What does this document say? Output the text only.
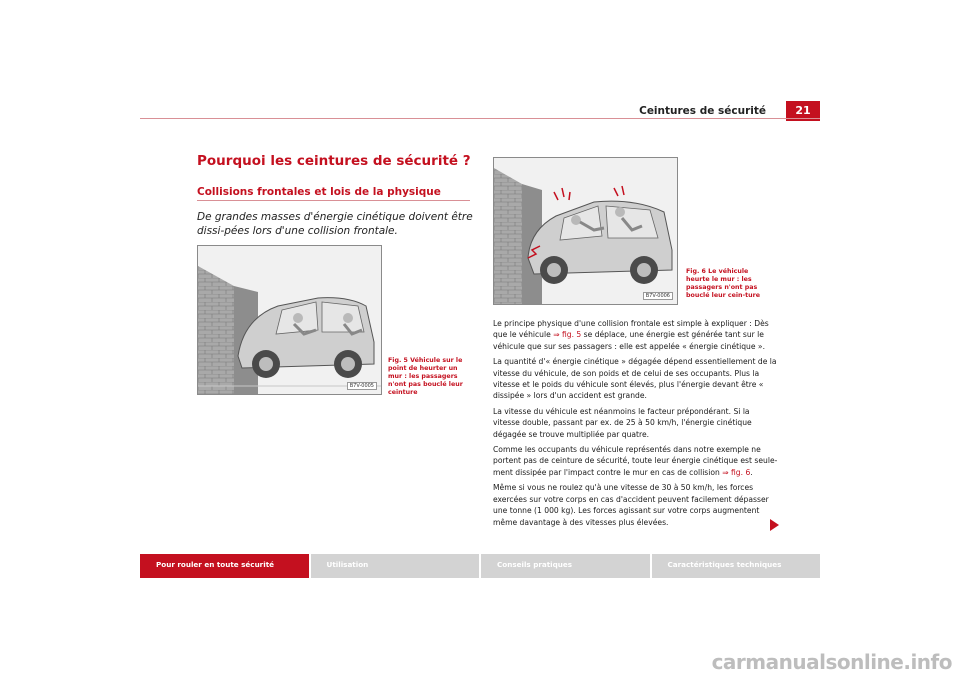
Ceintures de sécurité	21
Pourquoi les ceintures de sécurité ?
Collisions frontales et lois de la physique
De grandes masses d'énergie cinétique doivent être dissi-pées lors d'une collision frontale.
B7V-0005
Fig. 5 Véhicule sur le point de heurter un mur : les passagers n'ont pas bouclé leur ceinture
B7V-0006
Fig. 6 Le véhicule heurte le mur : les passagers n'ont pas bouclé leur cein-ture

Le principe physique d'une collision frontale est simple à expliquer : Dès que le véhicule ⇒ fig. 5 se déplace, une énergie est générée tant sur le véhicule que sur ses passagers : elle est appelée « énergie cinétique ».

La quantité d'« énergie cinétique » dégagée dépend essentiellement de la vitesse du véhicule, de son poids et de celui de ses occupants. Plus la vitesse et le poids du véhicule sont élevés, plus l'énergie devant être « dissipée » lors d'un accident est grande.

La vitesse du véhicule est néanmoins le facteur prépondérant. Si la vitesse double, passant par ex. de 25 à 50 km/h, l'énergie cinétique dégagée se trouve multipliée par quatre.

Comme les occupants du véhicule représentés dans notre exemple ne portent pas de ceinture de sécurité, toute leur énergie cinétique est seule-ment dissipée par l'impact contre le mur en cas de collision ⇒ fig. 6.

Même si vous ne roulez qu'à une vitesse de 30 à 50 km/h, les forces exercées sur votre corps en cas d'accident peuvent facilement dépasser une tonne (1 000 kg). Les forces agissant sur votre corps augmentent même davantage à des vitesses plus élevées.

Pour rouler en toute sécurité	Utilisation	Conseils pratiques	Caractéristiques techniques
carmanualsonline.info
